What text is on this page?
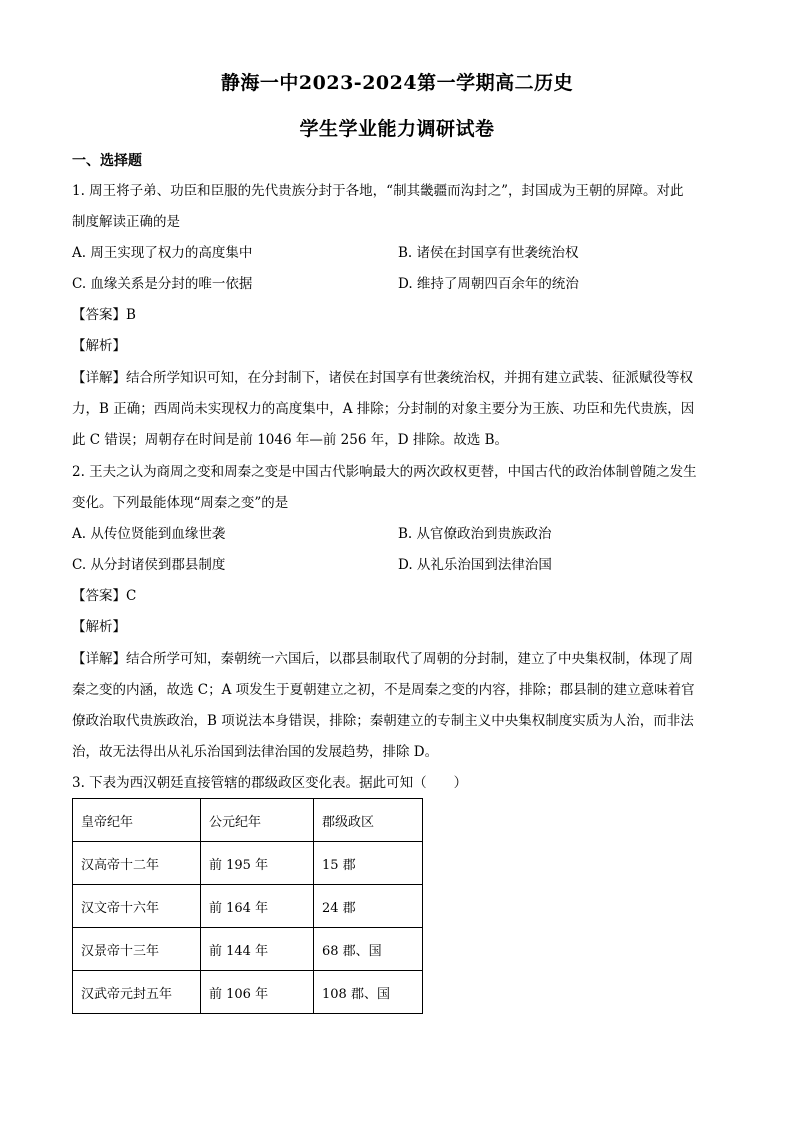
静海一中2023-2024第一学期高二历史
学生学业能力调研试卷
一、选择题
1. 周王将子弟、功臣和臣服的先代贵族分封于各地，“制其畿疆而沟封之”，封国成为王朝的屏障。对此
制度解读正确的是
A. 周王实现了权力的高度集中	B. 诸侯在封国享有世袭统治权
C. 血缘关系是分封的唯一依据	D. 维持了周朝四百余年的统治
【答案】B
【解析】
【详解】结合所学知识可知，在分封制下，诸侯在封国享有世袭统治权，并拥有建立武装、征派赋役等权
力，B 正确；西周尚未实现权力的高度集中，A 排除；分封制的对象主要分为王族、功臣和先代贵族，因
此 C 错误；周朝存在时间是前 1046 年—前 256 年，D 排除。故选 B。
2. 王夫之认为商周之变和周秦之变是中国古代影响最大的两次政权更替，中国古代的政治体制曾随之发生
变化。下列最能体现“周秦之变”的是
A. 从传位贤能到血缘世袭	B. 从官僚政治到贵族政治
C. 从分封诸侯到郡县制度	D. 从礼乐治国到法律治国
【答案】C
【解析】
【详解】结合所学可知，秦朝统一六国后，以郡县制取代了周朝的分封制，建立了中央集权制，体现了周
秦之变的内涵，故选 C；A 项发生于夏朝建立之初，不是周秦之变的内容，排除；郡县制的建立意味着官
僚政治取代贵族政治，B 项说法本身错误，排除；秦朝建立的专制主义中央集权制度实质为人治，而非法
治，故无法得出从礼乐治国到法律治国的发展趋势，排除 D。
3. 下表为西汉朝廷直接管辖的郡级政区变化表。据此可知（　　）
皇帝纪年	公元纪年	郡级政区
汉高帝十二年	前 195 年	15 郡
汉文帝十六年	前 164 年	24 郡
汉景帝十三年	前 144 年	68 郡、国
汉武帝元封五年	前 106 年	108 郡、国
